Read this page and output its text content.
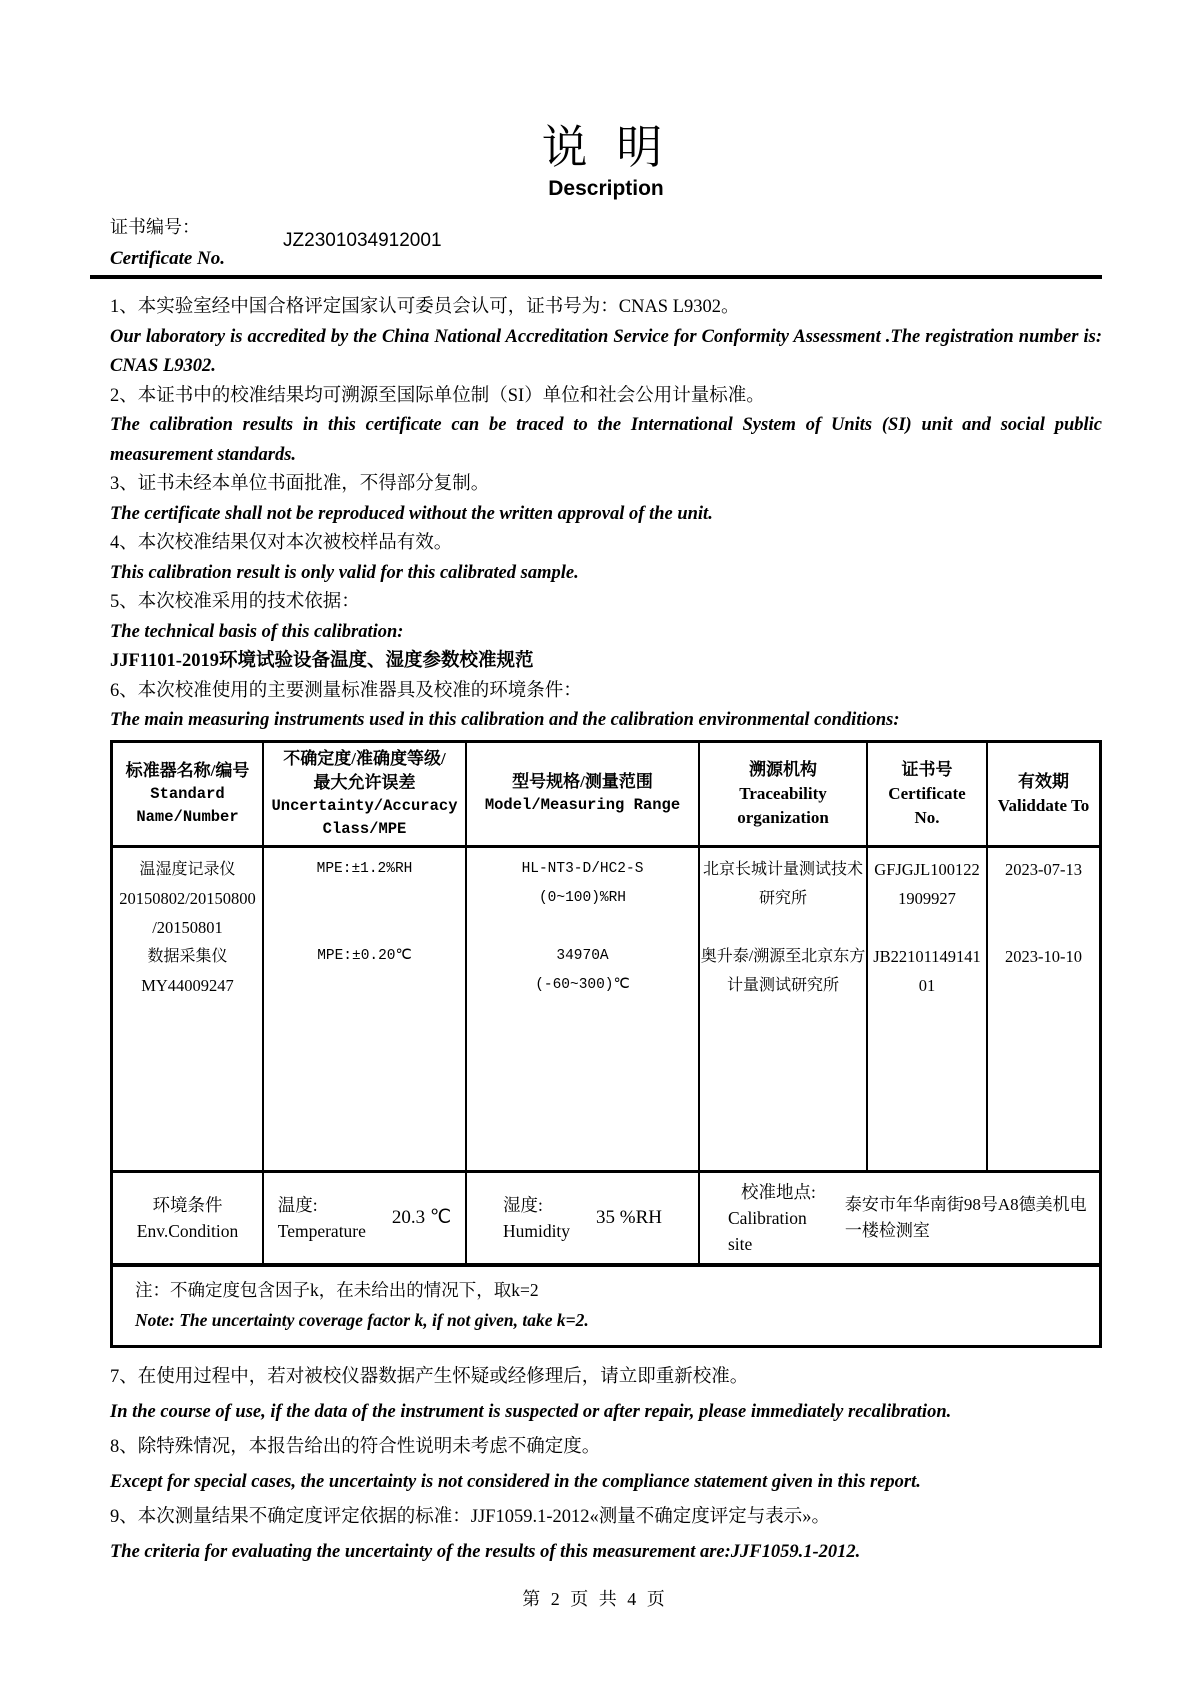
说 明
Description
证书编号：
Certificate No.
JZ2301034912001

1、本实验室经中国合格评定国家认可委员会认可，证书号为：CNAS L9302。

Our laboratory is accredited by the China National Accreditation Service for Conformity Assessment .The registration number is: CNAS L9302.

2、本证书中的校准结果均可溯源至国际单位制（SI）单位和社会公用计量标准。

The calibration results in this certificate can be traced to the International System of Units (SI) unit and social public measurement standards.

3、证书未经本单位书面批准，不得部分复制。

The certificate shall not be reproduced without the written approval of the unit.

4、本次校准结果仅对本次被校样品有效。

This calibration result is only valid for this calibrated sample.

5、本次校准采用的技术依据：

The technical basis of this calibration:

JJF1101-2019环境试验设备温度、湿度参数校准规范

6、本次校准使用的主要测量标准器具及校准的环境条件：

The main measuring instruments used in this calibration and the calibration environmental conditions:

标准器名称/编号
Standard
Name/Number
不确定度/准确度等级/
最大允许误差
Uncertainty/Accuracy
Class/MPE
型号规格/测量范围
Model/Measuring Range
溯源机构
Traceability
organization
证书号
Certificate
No.
有效期
Validdate To
温湿度记录仪
20150802/20150800
/20150801
数据采集仪
MY44009247
MPE:±1.2%RH
MPE:±0.20℃
HL-NT3-D/HC2-S
(0~100)%RH
34970A
(-60~300)℃
北京长城计量测试技术
研究所
奥升泰/溯源至北京东方
计量测试研究所
GFJGJL100122
1909927
JB22101149141
01
2023-07-13
2023-10-10
环境条件
Env.Condition
温度:
Temperature
20.3 ℃
湿度:
Humidity
35 %RH
校准地点:
Calibration site
泰安市年华南街98号A8德美机电一楼检测室
注：不确定度包含因子k，在未给出的情况下，取k=2
Note: The uncertainty coverage factor k, if not given, take k=2.

7、在使用过程中，若对被校仪器数据产生怀疑或经修理后，请立即重新校准。

In the course of use, if the data of the instrument is suspected or after repair, please immediately recalibration.

8、除特殊情况，本报告给出的符合性说明未考虑不确定度。

Except for special cases, the uncertainty is not considered in the compliance statement given in this report.

9、本次测量结果不确定度评定依据的标准：JJF1059.1-2012«测量不确定度评定与表示»。

The criteria for evaluating the uncertainty of the results of this measurement are:JJF1059.1-2012.

第 2 页 共 4 页
